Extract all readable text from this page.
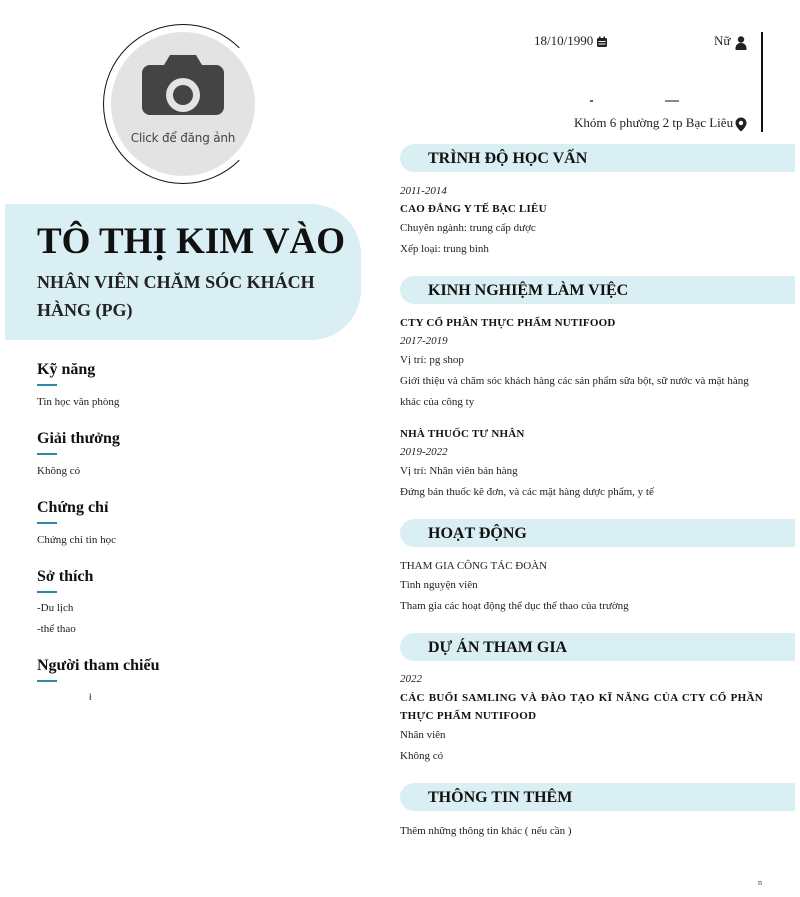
Click để đăng ảnh
TÔ THỊ KIM VÀO
NHÂN VIÊN CHĂM SÓC KHÁCH HÀNG (PG)
18/10/1990	Nữ
Khóm 6 phường 2 tp Bạc Liêu
Kỹ năng
Tin học văn phòng
Giải thưởng
Không có
Chứng chỉ
Chứng chỉ tin học
Sở thích
-Du lịch
-thể thao
Người tham chiếu
ł
TRÌNH ĐỘ HỌC VẤN
2011-2014
CAO ĐẲNG Y TẾ BẠC LIÊU
Chuyên ngành: trung cấp dược
Xếp loại: trung bình
KINH NGHIỆM LÀM VIỆC
CTY CỔ PHẦN THỰC PHẨM NUTIFOOD
2017-2019
Vị trí: pg shop
Giới thiệu và chăm sóc khách hàng các sản phẩm sữa bột, sữ nước và mặt hàng khác của công ty
NHÀ THUỐC TƯ NHÂN
2019-2022
Vị trí: Nhân viên bán hàng
Đứng bán thuốc kê đơn, và các mặt hàng dược phẩm, y tế
HOẠT ĐỘNG
THAM GIA CÔNG TÁC ĐOÀN
Tình nguyện viên
Tham gia các hoạt động thể dục thể thao của trường
DỰ ÁN THAM GIA
2022
CÁC BUỔI SAMLING VÀ ĐÀO TẠO KĨ NĂNG CỦA CTY CỔ PHẦN THỰC PHẨM NUTIFOOD
Nhân viên
Không có
THÔNG TIN THÊM
Thêm những thông tin khác ( nếu cần )
n
